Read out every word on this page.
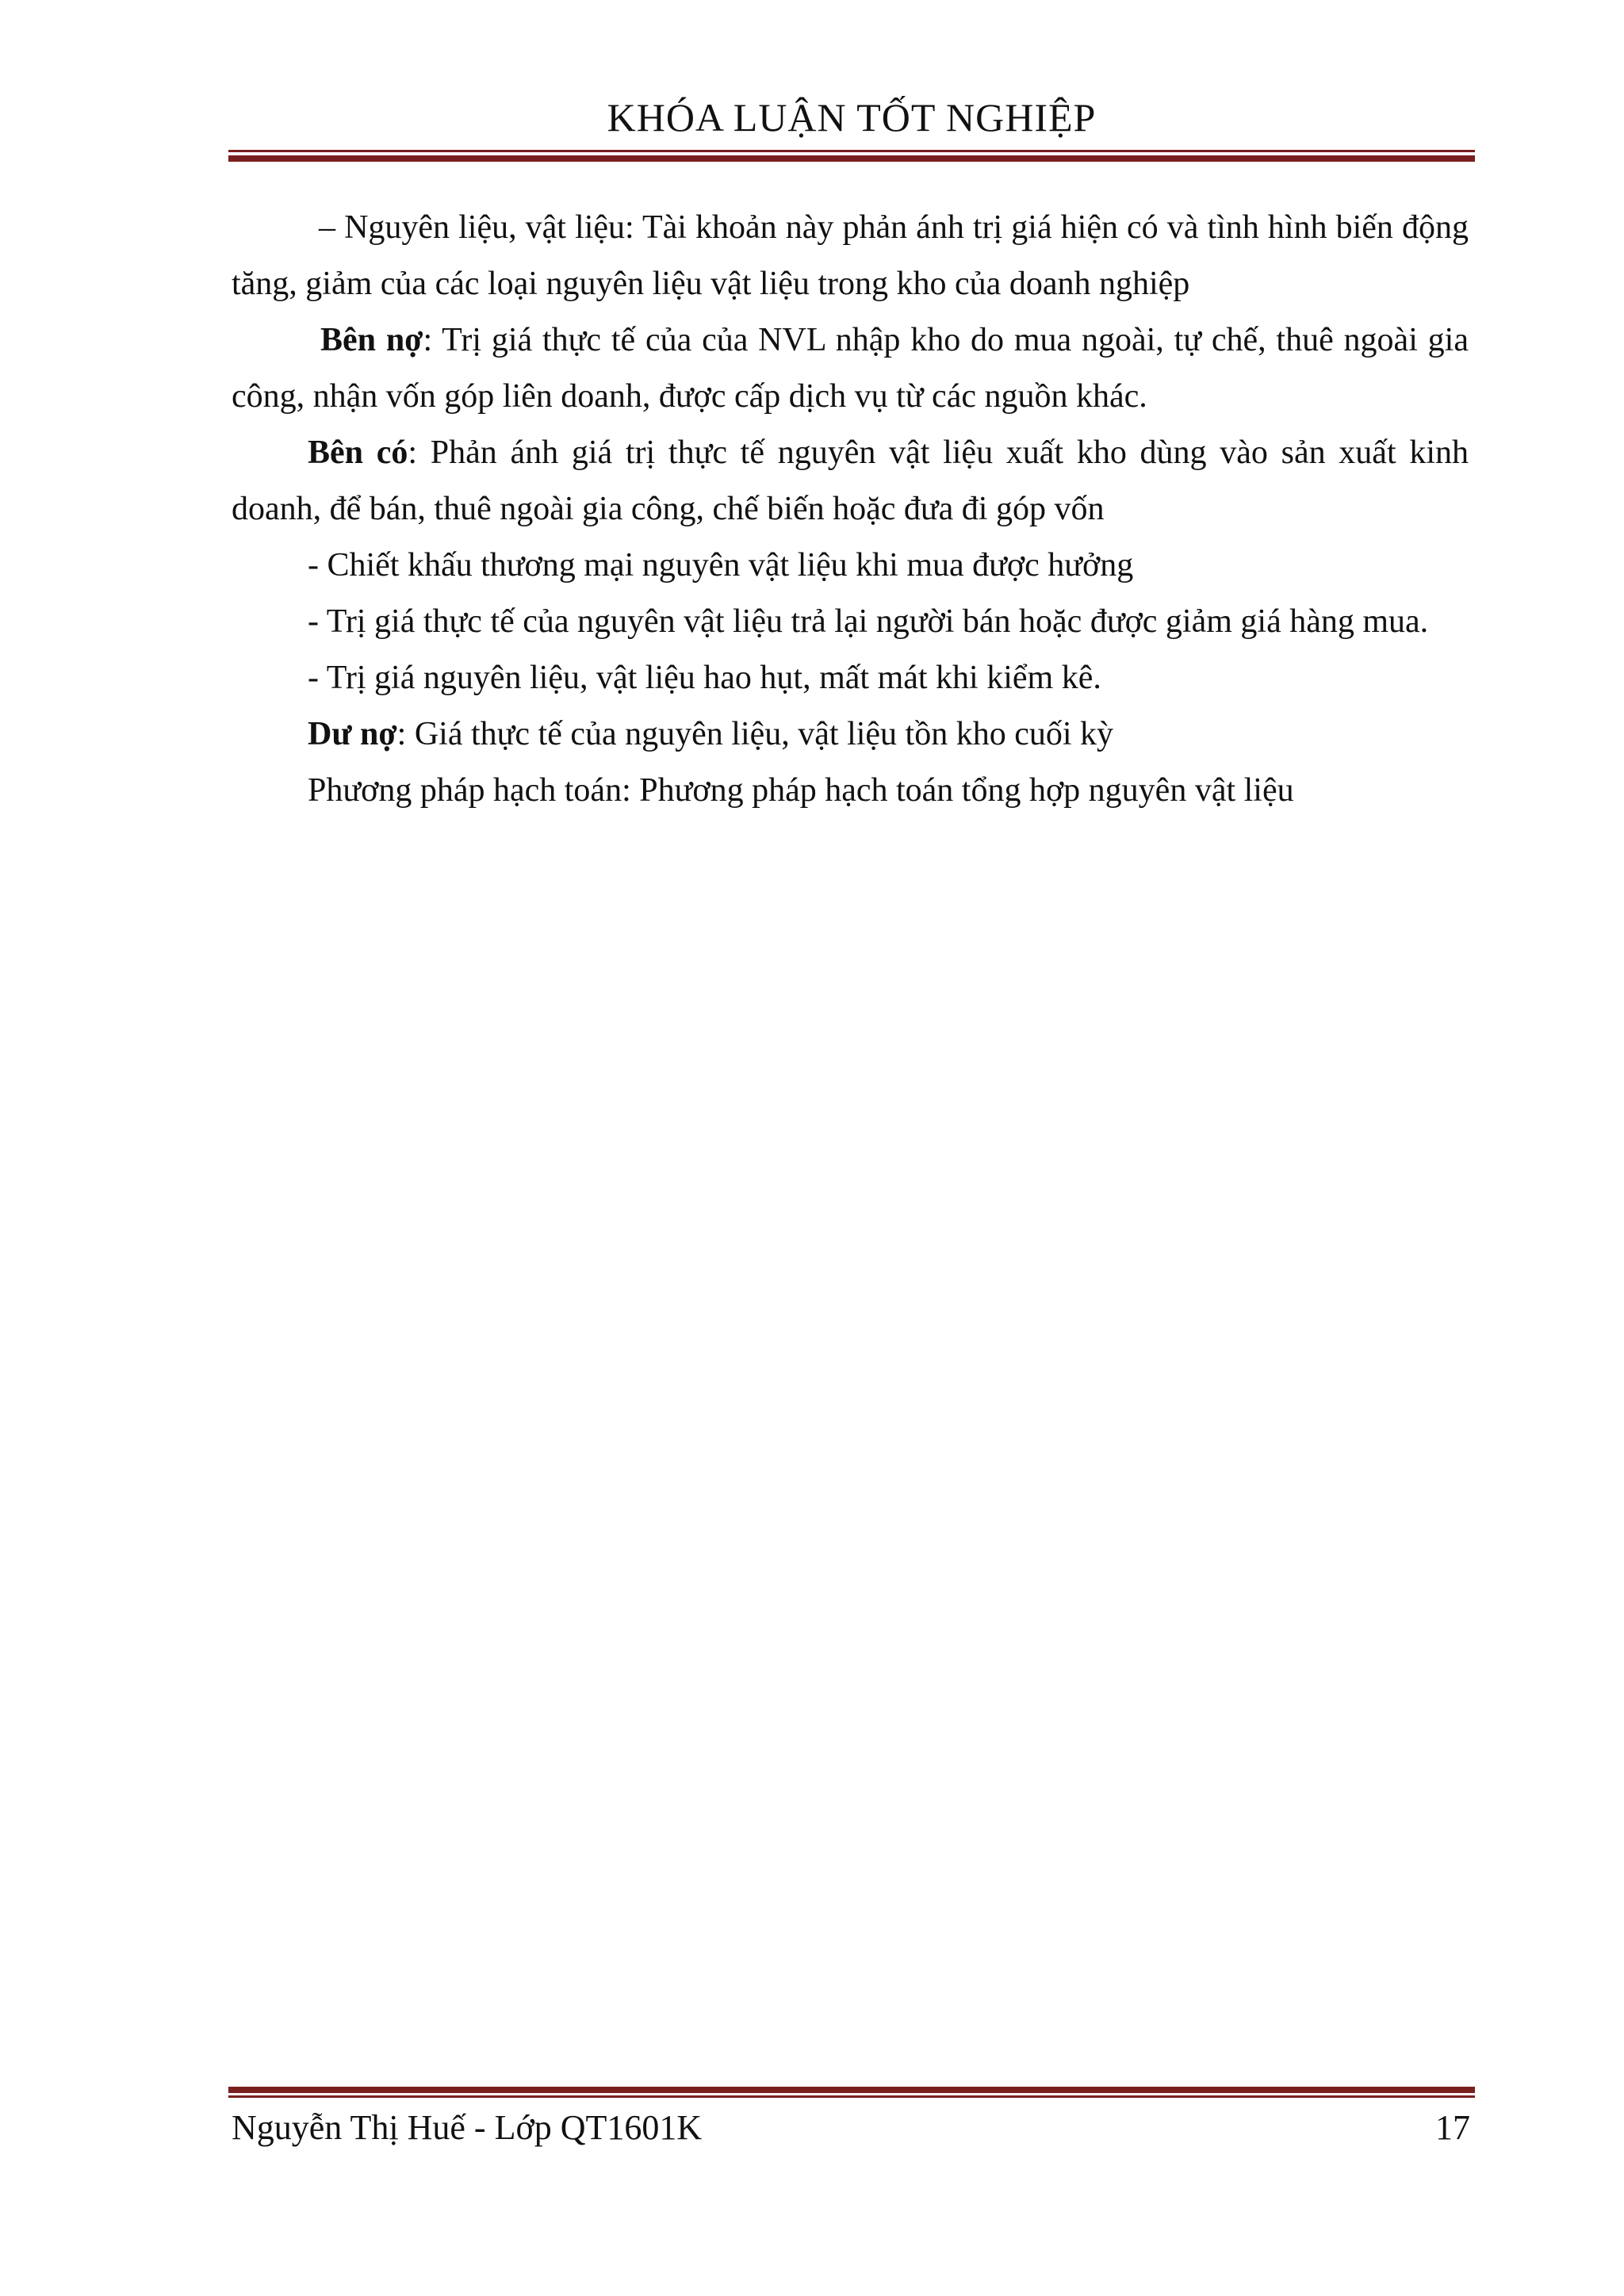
KHÓA LUẬN TỐT NGHIỆP

– Nguyên liệu, vật liệu: Tài khoản này phản ánh trị giá hiện có và tình hình biến động tăng, giảm của các loại nguyên liệu vật liệu trong kho của doanh nghiệp

Bên nợ: Trị giá thực tế của của NVL nhập kho do mua ngoài, tự chế, thuê ngoài gia công, nhận vốn góp liên doanh, được cấp dịch vụ từ các nguồn khác.

Bên có: Phản ánh giá trị thực tế nguyên vật liệu xuất kho dùng vào sản xuất kinh doanh, để bán, thuê ngoài gia công, chế biến hoặc đưa đi góp vốn

- Chiết khấu thương mại nguyên vật liệu khi mua được hưởng

- Trị giá thực tế của nguyên vật liệu trả lại người bán hoặc được giảm giá hàng mua.

- Trị giá nguyên liệu, vật liệu hao hụt, mất mát khi kiểm kê.

Dư nợ: Giá thực tế của nguyên liệu, vật liệu tồn kho cuối kỳ

Phương pháp hạch toán: Phương pháp hạch toán tổng hợp nguyên vật liệu

Nguyễn Thị Huế - Lớp QT1601K	17
